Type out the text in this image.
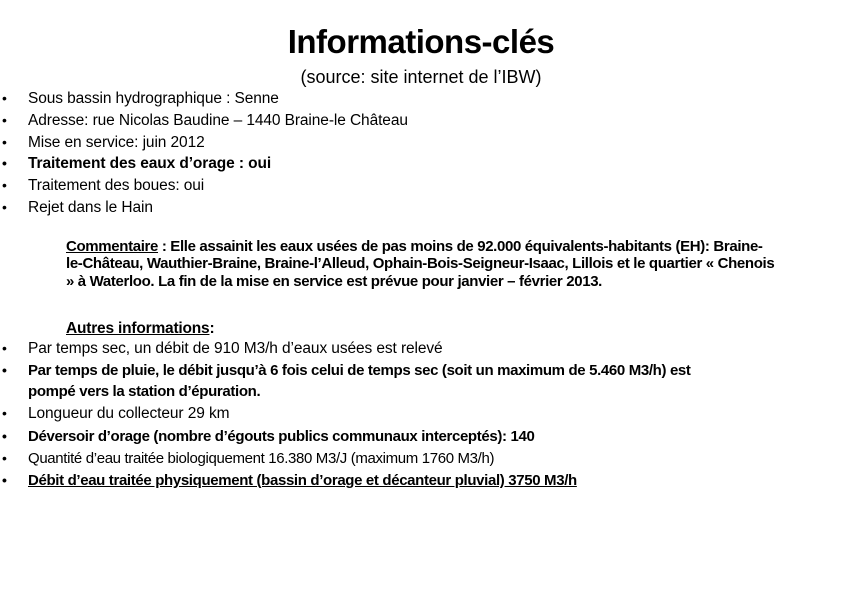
Informations-clés
(source: site internet de l’IBW)
• Sous bassin hydrographique : Senne
• Adresse: rue Nicolas Baudine – 1440 Braine-le Château
• Mise en service: juin 2012
• Traitement des eaux d’orage : oui
• Traitement des boues: oui
• Rejet dans le Hain

Commentaire : Elle assainit les eaux usées de pas moins de 92.000 équivalents-habitants (EH): Braine-le-Château, Wauthier-Braine, Braine-l’Alleud, Ophain-Bois-Seigneur-Isaac, Lillois et le quartier « Chenois » à Waterloo. La fin de la mise en service est prévue pour janvier – février 2013.

Autres informations:

• Par temps sec, un débit de 910 M3/h d’eaux usées est relevé
• Par temps de pluie, le débit jusqu’à 6 fois celui de temps sec (soit un maximum de 5.460 M3/h) est pompé vers la station d’épuration.
• Longueur du collecteur 29 km
• Déversoir d’orage (nombre d’égouts publics communaux interceptés): 140
• Quantité d’eau traitée biologiquement 16.380 M3/J (maximum 1760 M3/h)
• Débit d’eau traitée physiquement (bassin d’orage et décanteur pluvial) 3750 M3/h
